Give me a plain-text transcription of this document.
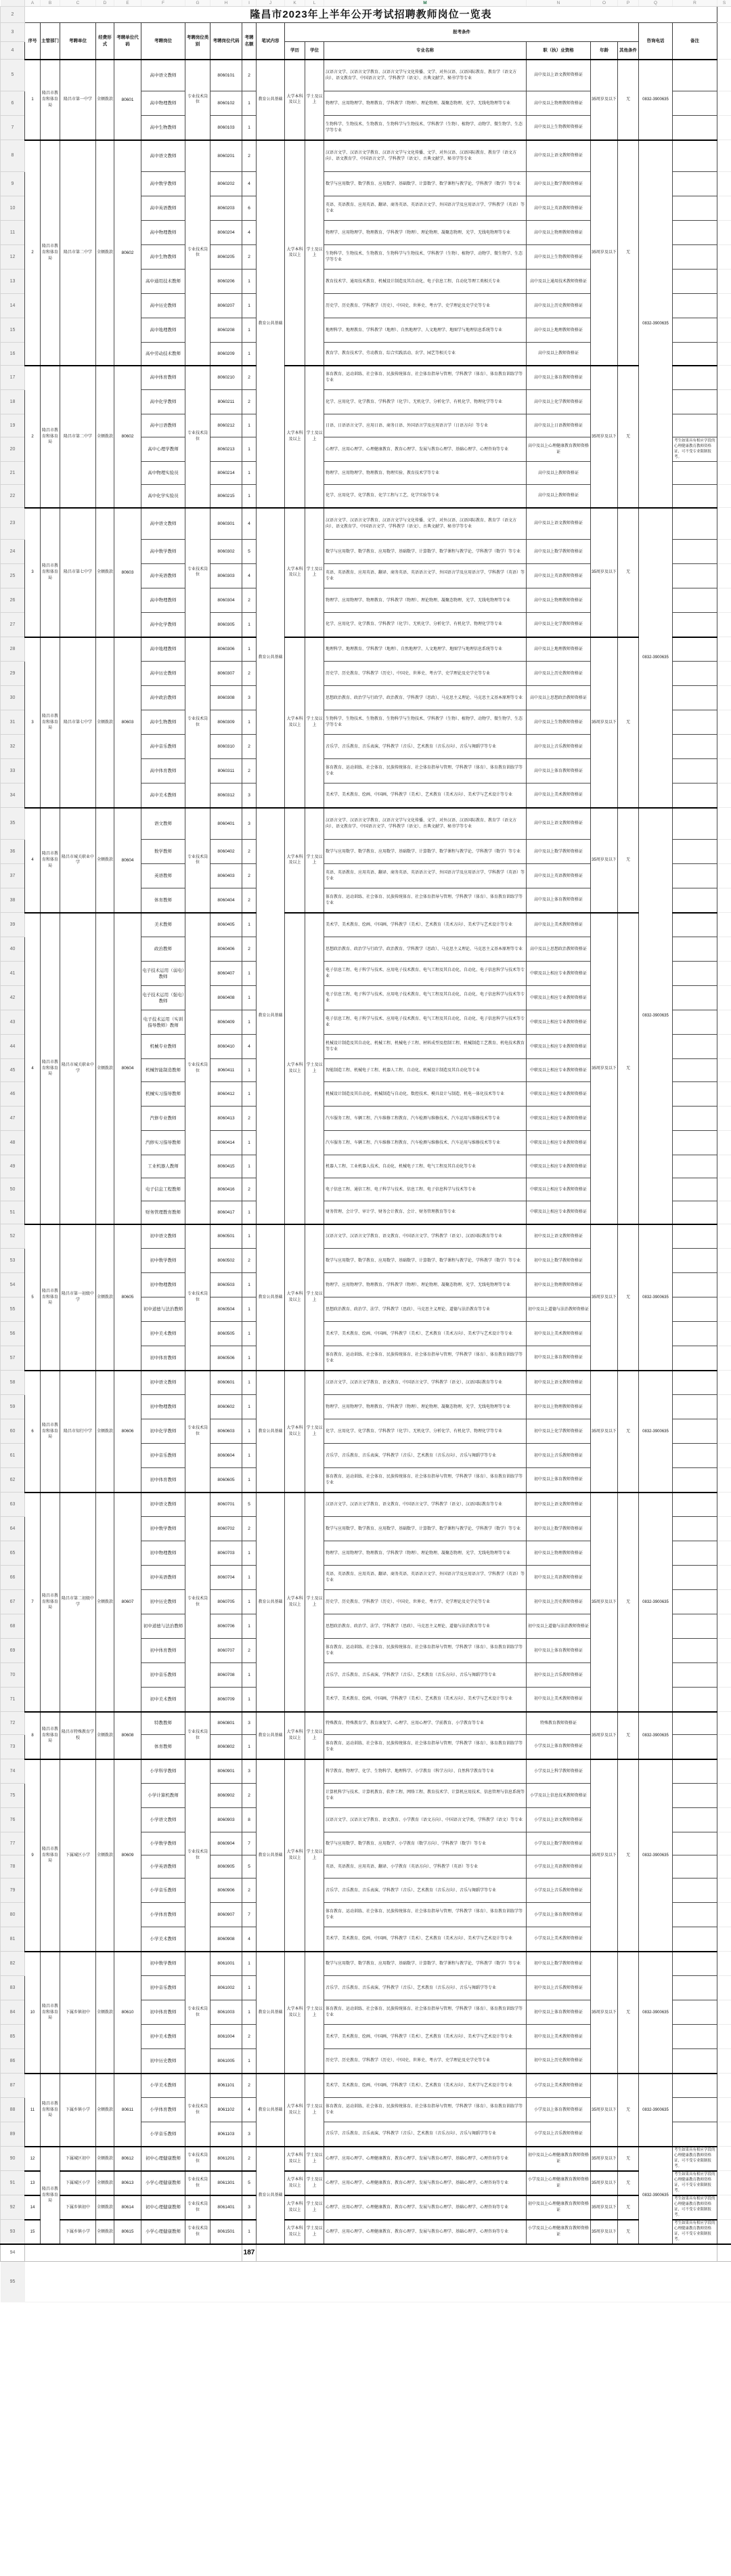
	A	B	C	D	E	F	G	H	I	J	K	L	M	N	O	P	Q	R	S
2	隆昌市2023年上半年公开考试招聘教师岗位一览表																		
3	序号	主管部门	考聘单位	经费形式	考聘单位代码	考聘岗位	考聘岗位类别	考聘岗位代码	考聘名额	笔试内容	报考条件						咨询电话	备注	
4											学历	学位	专业名称	职（执）业资格	年龄	其他条件			
5	1	隆昌市教育和体育局	隆昌市第一中学	全额拨款	80601	高中语文教师	专业技术岗位	8060101	2	教育公共基础	大学本科及以上	学士及以上	汉语言文学、汉语言文学教育、汉语言文学与文化传播、文学、对外汉语、汉语国际教育、教育学（语文方向）、语文教育学、中国语言文学、学科教学（语文）、古典文献学、秘书学等专业	高中及以上语文教师资格证	35周岁及以下	无	0832-3900635		
6						高中物理教师		8060102	1				物理学、应用物理学、物理教育、学科教学（物理）、理论物理、凝聚态物理、光学、无线电物理等专业	高中及以上物理教师资格证					
7						高中生物教师		8060103	1				生物科学、生物技术、生物教育、生物科学与生物技术、学科教学（生物）、植物学、动物学、微生物学、生态学等专业	高中及以上生物教师资格证					
8	2	隆昌市教育和体育局	隆昌市第二中学	全额拨款	80602	高中语文教师	专业技术岗位	8060201	2	教育公共基础	大学本科及以上	学士及以上	汉语言文学、汉语言文学教育、汉语言文学与文化传播、文学、对外汉语、汉语国际教育、教育学（语文方向）、语文教育学、中国语言文学、学科教学（语文）、古典文献学、秘书学等专业	高中及以上语文教师资格证	35周岁及以下	无	0832-3900635		
9						高中数学教师		8060202	4				数学与应用数学、数学教育、应用数学、基础数学、计算数学、数学课程与教学论、学科教学（数学）等专业	高中及以上数学教师资格证					
10						高中英语教师		8060203	6				英语、英语教育、应用英语、翻译、商务英语、英语语言文学、外国语言学及应用语言学、学科教学（英语）等专业	高中及以上英语教师资格证					
11						高中物理教师		8060204	4				物理学、应用物理学、物理教育、学科教学（物理）、理论物理、凝聚态物理、光学、无线电物理等专业	高中及以上物理教师资格证					
12						高中生物教师		8060205	2				生物科学、生物技术、生物教育、生物科学与生物技术、学科教学（生物）、植物学、动物学、微生物学、生态学等专业	高中及以上生物教师资格证					
13						高中通用技术教师		8060206	1				教育技术学、通用技术教育、机械设计制造及其自动化、电子信息工程、自动化等理工类相关专业	高中及以上通用技术教师资格证					
14						高中历史教师		8060207	1				历史学、历史教育、学科教学（历史）、中国史、世界史、考古学、史学理论及史学史等专业	高中及以上历史教师资格证					
15						高中地理教师		8060208	1				地理科学、地理教育、学科教学（地理）、自然地理学、人文地理学、地图学与地理信息系统等专业	高中及以上地理教师资格证					
16						高中劳动技术教师		8060209	1				教育学、教育技术学、劳动教育、综合实践活动、农学、园艺等相关专业	高中及以上教师资格证					
17	2	隆昌市教育和体育局	隆昌市第二中学	全额拨款	80602	高中体育教师	专业技术岗位	8060210	2		大学本科及以上	学士及以上	体育教育、运动训练、社会体育、民族传统体育、社会体育指导与管理、学科教学（体育）、体育教育训练学等专业	高中及以上体育教师资格证	35周岁及以下	无			
18						高中化学教师		8060211	2				化学、应用化学、化学教育、学科教学（化学）、无机化学、分析化学、有机化学、物理化学等专业	高中及以上化学教师资格证					
19						高中日语教师		8060212	1				日语、日语语言文学、应用日语、商务日语、外国语言学及应用语言学（日语方向）等专业	高中及以上日语教师资格证					
20						高中心理学教师		8060213	1				心理学、应用心理学、心理健康教育、教育心理学、发展与教育心理学、基础心理学、心理咨询等专业	高中及以上心理健康教育教师资格证				考生如果具有相应学段的心理健康教育教师资格证，可不受专业限制报考。	
21						高中物理实验员		8060214	1				物理学、应用物理学、物理教育、物理实验、教育技术学等专业	高中及以上教师资格证					
22						高中化学实验员		8060215	1				化学、应用化学、化学教育、化学工程与工艺、化学实验等专业	高中及以上教师资格证					
23	3	隆昌市教育和体育局	隆昌市第七中学	全额拨款	80603	高中语文教师	专业技术岗位	8060301	4	教育公共基础	大学本科及以上	学士及以上	汉语言文学、汉语言文学教育、汉语言文学与文化传播、文学、对外汉语、汉语国际教育、教育学（语文方向）、语文教育学、中国语言文学、学科教学（语文）、古典文献学、秘书学等专业	高中及以上语文教师资格证	35周岁及以下	无	0832-3900635		
24						高中数学教师		8060302	5				数学与应用数学、数学教育、应用数学、基础数学、计算数学、数学课程与教学论、学科教学（数学）等专业	高中及以上数学教师资格证					
25						高中英语教师		8060303	4				英语、英语教育、应用英语、翻译、商务英语、英语语言文学、外国语言学及应用语言学、学科教学（英语）等专业	高中及以上英语教师资格证					
26						高中物理教师		8060304	2				物理学、应用物理学、物理教育、学科教学（物理）、理论物理、凝聚态物理、光学、无线电物理等专业	高中及以上物理教师资格证					
27						高中化学教师		8060305	1				化学、应用化学、化学教育、学科教学（化学）、无机化学、分析化学、有机化学、物理化学等专业	高中及以上化学教师资格证					
28	3	隆昌市教育和体育局	隆昌市第七中学	全额拨款	80603	高中地理教师	专业技术岗位	8060306	1		大学本科及以上	学士及以上	地理科学、地理教育、学科教学（地理）、自然地理学、人文地理学、地图学与地理信息系统等专业	高中及以上地理教师资格证	35周岁及以下	无			
29						高中历史教师		8060307	2				历史学、历史教育、学科教学（历史）、中国史、世界史、考古学、史学理论及史学史等专业	高中及以上历史教师资格证					
30						高中政治教师		8060308	3				思想政治教育、政治学与行政学、政治教育、学科教学（思政）、马克思主义理论、马克思主义基本原理等专业	高中及以上思想政治教师资格证					
31						高中生物教师		8060309	1				生物科学、生物技术、生物教育、生物科学与生物技术、学科教学（生物）、植物学、动物学、微生物学、生态学等专业	高中及以上生物教师资格证					
32						高中音乐教师		8060310	2				音乐学、音乐教育、音乐表演、学科教学（音乐）、艺术教育（音乐方向）、音乐与舞蹈学等专业	高中及以上音乐教师资格证					
33						高中体育教师		8060311	2				体育教育、运动训练、社会体育、民族传统体育、社会体育指导与管理、学科教学（体育）、体育教育训练学等专业	高中及以上体育教师资格证					
34						高中美术教师		8060312	3				美术学、美术教育、绘画、中国画、学科教学（美术）、艺术教育（美术方向）、美术学与艺术设计等专业	高中及以上美术教师资格证					
35	4	隆昌市教育和体育局	隆昌市城关职业中学	全额拨款	80604	语文教师	专业技术岗位	8060401	3	教育公共基础	大学本科及以上	学士及以上	汉语言文学、汉语言文学教育、汉语言文学与文化传播、文学、对外汉语、汉语国际教育、教育学（语文方向）、语文教育学、中国语言文学、学科教学（语文）、古典文献学、秘书学等专业	高中及以上语文教师资格证	35周岁及以下	无	0832-3900635		
36						数学教师		8060402	2				数学与应用数学、数学教育、应用数学、基础数学、计算数学、数学课程与教学论、学科教学（数学）等专业	高中及以上数学教师资格证					
37						英语教师		8060403	2				英语、英语教育、应用英语、翻译、商务英语、英语语言文学、外国语言学及应用语言学、学科教学（英语）等专业	高中及以上英语教师资格证					
38						体育教师		8060404	2				体育教育、运动训练、社会体育、民族传统体育、社会体育指导与管理、学科教学（体育）、体育教育训练学等专业	高中及以上体育教师资格证					
39	4	隆昌市教育和体育局	隆昌市城关职业中学	全额拨款	80604	美术教师	专业技术岗位	8060405	1		大学本科及以上	学士及以上	美术学、美术教育、绘画、中国画、学科教学（美术）、艺术教育（美术方向）、美术学与艺术设计等专业	高中及以上美术教师资格证	35周岁及以下	无			
40						政治教师		8060406	2				思想政治教育、政治学与行政学、政治教育、学科教学（思政）、马克思主义理论、马克思主义基本原理等专业	高中及以上思想政治教师资格证					
41						电子技术运用（弱电）教师		8060407	1				电子信息工程、电子科学与技术、应用电子技术教育、电气工程及其自动化、自动化、电子信息科学与技术等专业	中职及以上相应专业教师资格证					
42						电子技术运用（强电）教师		8060408	1				电子信息工程、电子科学与技术、应用电子技术教育、电气工程及其自动化、自动化、电子信息科学与技术等专业	中职及以上相应专业教师资格证					
43						电子技术运用（实训指导教师）教师		8060409	1				电子信息工程、电子科学与技术、应用电子技术教育、电气工程及其自动化、自动化、电子信息科学与技术等专业	中职及以上相应专业教师资格证					
44						机械专业教师		8060410	4				机械设计制造及其自动化、机械工程、机械电子工程、材料成型及控制工程、机械制造工艺教育、机电技术教育等专业	中职及以上相应专业教师资格证					
45						机械智能制造教师		8060411	1				智能制造工程、机械电子工程、机器人工程、自动化、机械设计制造及其自动化等专业	中职及以上相应专业教师资格证					
46						机械实习指导教师		8060412	1				机械设计制造及其自动化、机械制造与自动化、数控技术、模具设计与制造、机电一体化技术等专业	中职及以上相应专业教师资格证					
47						汽修专业教师		8060413	2				汽车服务工程、车辆工程、汽车维修工程教育、汽车检测与维修技术、汽车运用与维修技术等专业	中职及以上相应专业教师资格证					
48						汽修实习指导教师		8060414	1				汽车服务工程、车辆工程、汽车维修工程教育、汽车检测与维修技术、汽车运用与维修技术等专业	中职及以上相应专业教师资格证					
49						工业机器人教师		8060415	1				机器人工程、工业机器人技术、自动化、机械电子工程、电气工程及其自动化等专业	中职及以上相应专业教师资格证					
50						电子信息工程教师		8060416	2				电子信息工程、通信工程、电子科学与技术、信息工程、电子信息科学与技术等专业	中职及以上相应专业教师资格证					
51						财务管理教育教师		8060417	1				财务管理、会计学、审计学、财务会计教育、会计、财务管理教育等专业	中职及以上相应专业教师资格证					
52	5	隆昌市教育和体育局	隆昌市第一初级中学	全额拨款	80605	初中语文教师	专业技术岗位	8060501	1	教育公共基础	大学本科及以上	学士及以上	汉语言文学、汉语言文学教育、语文教育、中国语言文学、学科教学（语文）、汉语国际教育等专业	初中及以上语文教师资格证	35周岁及以下	无	0832-3900635		
53						初中数学教师		8060502	2				数学与应用数学、数学教育、应用数学、基础数学、计算数学、数学课程与教学论、学科教学（数学）等专业	初中及以上数学教师资格证					
54						初中物理教师		8060503	1				物理学、应用物理学、物理教育、学科教学（物理）、理论物理、凝聚态物理、光学、无线电物理等专业	初中及以上物理教师资格证					
55						初中道德与法治教师		8060504	1				思想政治教育、政治学、法学、学科教学（思政）、马克思主义理论、道德与法治教育等专业	初中及以上道德与法治教师资格证					
56						初中美术教师		8060505	1				美术学、美术教育、绘画、中国画、学科教学（美术）、艺术教育（美术方向）、美术学与艺术设计等专业	初中及以上美术教师资格证					
57						初中体育教师		8060506	1				体育教育、运动训练、社会体育、民族传统体育、社会体育指导与管理、学科教学（体育）、体育教育训练学等专业	初中及以上体育教师资格证					
58	6	隆昌市教育和体育局	隆昌市知行中学	全额拨款	80606	初中语文教师	专业技术岗位	8060601	1	教育公共基础	大学本科及以上	学士及以上	汉语言文学、汉语言文学教育、语文教育、中国语言文学、学科教学（语文）、汉语国际教育等专业	初中及以上语文教师资格证	35周岁及以下	无	0832-3900635		
59						初中物理教师		8060602	1				物理学、应用物理学、物理教育、学科教学（物理）、理论物理、凝聚态物理、光学、无线电物理等专业	初中及以上物理教师资格证					
60						初中化学教师		8060603	1				化学、应用化学、化学教育、学科教学（化学）、无机化学、分析化学、有机化学、物理化学等专业	初中及以上化学教师资格证					
61						初中音乐教师		8060604	1				音乐学、音乐教育、音乐表演、学科教学（音乐）、艺术教育（音乐方向）、音乐与舞蹈学等专业	初中及以上音乐教师资格证					
62						初中体育教师		8060605	1				体育教育、运动训练、社会体育、民族传统体育、社会体育指导与管理、学科教学（体育）、体育教育训练学等专业	初中及以上体育教师资格证					
63	7	隆昌市教育和体育局	隆昌市第二初级中学	全额拨款	80607	初中语文教师	专业技术岗位	8060701	5	教育公共基础	大学本科及以上	学士及以上	汉语言文学、汉语言文学教育、语文教育、中国语言文学、学科教学（语文）、汉语国际教育等专业	初中及以上语文教师资格证	35周岁及以下	无	0832-3900635		
64						初中数学教师		8060702	2				数学与应用数学、数学教育、应用数学、基础数学、计算数学、数学课程与教学论、学科教学（数学）等专业	初中及以上数学教师资格证					
65						初中物理教师		8060703	1				物理学、应用物理学、物理教育、学科教学（物理）、理论物理、凝聚态物理、光学、无线电物理等专业	初中及以上物理教师资格证					
66						初中英语教师		8060704	1				英语、英语教育、应用英语、翻译、商务英语、英语语言文学、外国语言学及应用语言学、学科教学（英语）等专业	初中及以上英语教师资格证					
67						初中历史教师		8060705	1				历史学、历史教育、学科教学（历史）、中国史、世界史、考古学、史学理论及史学史等专业	初中及以上历史教师资格证					
68						初中道德与法治教师		8060706	1				思想政治教育、政治学、法学、学科教学（思政）、马克思主义理论、道德与法治教育等专业	初中及以上道德与法治教师资格证					
69						初中体育教师		8060707	2				体育教育、运动训练、社会体育、民族传统体育、社会体育指导与管理、学科教学（体育）、体育教育训练学等专业	初中及以上体育教师资格证					
70						初中音乐教师		8060708	1				音乐学、音乐教育、音乐表演、学科教学（音乐）、艺术教育（音乐方向）、音乐与舞蹈学等专业	初中及以上音乐教师资格证					
71						初中美术教师		8060709	1				美术学、美术教育、绘画、中国画、学科教学（美术）、艺术教育（美术方向）、美术学与艺术设计等专业	初中及以上美术教师资格证					
72	8	隆昌市教育和体育局	隆昌市特殊教育学校	全额拨款	80608	特教教师	专业技术岗位	8060801	3	教育公共基础	大学本科及以上	学士及以上	特殊教育、特殊教育学、教育康复学、心理学、应用心理学、学前教育、小学教育等专业	特殊教育教师资格证	35周岁及以下	无	0832-3900635		
73						体育教师		8060802	1				体育教育、运动训练、社会体育、民族传统体育、社会体育指导与管理、学科教学（体育）、体育教育训练学等专业	小学及以上体育教师资格证					
74	9	隆昌市教育和体育局	下属城区小学	全额拨款	80609	小学科学教师	专业技术岗位	8060901	3	教育公共基础	大学本科及以上	学士及以上	科学教育、物理学、化学、生物科学、地理科学、小学教育（科学方向）、自然科学教育等专业	小学及以上科学教师资格证	35周岁及以下	无	0832-3900635		
75						小学计算机教师		8060902	2				计算机科学与技术、计算机教育、软件工程、网络工程、教育技术学、计算机应用技术、信息管理与信息系统等专业	小学及以上信息技术教师资格证					
76						小学语文教师		8060903	8				汉语言文学、汉语言文学教育、语文教育、小学教育（语文方向）、中国语言文学类、学科教学（语文）等专业	小学及以上语文教师资格证					
77						小学数学教师		8060904	7				数学与应用数学、数学教育、应用数学、小学教育（数学方向）、学科教学（数学）等专业	小学及以上数学教师资格证					
78						小学英语教师		8060905	5				英语、英语教育、应用英语、翻译、小学教育（英语方向）、学科教学（英语）等专业	小学及以上英语教师资格证					
79						小学音乐教师		8060906	2				音乐学、音乐教育、音乐表演、学科教学（音乐）、艺术教育（音乐方向）、音乐与舞蹈学等专业	小学及以上音乐教师资格证					
80						小学体育教师		8060907	7				体育教育、运动训练、社会体育、民族传统体育、社会体育指导与管理、学科教学（体育）、体育教育训练学等专业	小学及以上体育教师资格证					
81						小学美术教师		8060908	4				美术学、美术教育、绘画、中国画、学科教学（美术）、艺术教育（美术方向）、美术学与艺术设计等专业	小学及以上美术教师资格证					
82	10	隆昌市教育和体育局	下属乡镇初中	全额拨款	80610	初中数学教师	专业技术岗位	8061001	1	教育公共基础	大学本科及以上	学士及以上	数学与应用数学、数学教育、应用数学、基础数学、计算数学、数学课程与教学论、学科教学（数学）等专业	初中及以上数学教师资格证	35周岁及以下	无	0832-3900635		
83						初中音乐教师		8061002	1				音乐学、音乐教育、音乐表演、学科教学（音乐）、艺术教育（音乐方向）、音乐与舞蹈学等专业	初中及以上音乐教师资格证					
84						初中体育教师		8061003	1				体育教育、运动训练、社会体育、民族传统体育、社会体育指导与管理、学科教学（体育）、体育教育训练学等专业	初中及以上体育教师资格证					
85						初中美术教师		8061004	2				美术学、美术教育、绘画、中国画、学科教学（美术）、艺术教育（美术方向）、美术学与艺术设计等专业	初中及以上美术教师资格证					
86						初中历史教师		8061005	1				历史学、历史教育、学科教学（历史）、中国史、世界史、考古学、史学理论及史学史等专业	初中及以上历史教师资格证					
87	11	隆昌市教育和体育局	下属乡镇小学	全额拨款	80611	小学美术教师	专业技术岗位	8061101	2	教育公共基础	大学本科及以上	学士及以上	美术学、美术教育、绘画、中国画、学科教学（美术）、艺术教育（美术方向）、美术学与艺术设计等专业	小学及以上美术教师资格证	35周岁及以下	无	0832-3900635		
88						小学体育教师		8061102	4				体育教育、运动训练、社会体育、民族传统体育、社会体育指导与管理、学科教学（体育）、体育教育训练学等专业	小学及以上体育教师资格证					
89						小学音乐教师		8061103	3				音乐学、音乐教育、音乐表演、学科教学（音乐）、艺术教育（音乐方向）、音乐与舞蹈学等专业	小学及以上音乐教师资格证					
90	12	隆昌市教育和体育局	下属城区初中	全额拨款	80612	初中心理健康教师	专业技术岗位	8061201	2	教育公共基础	大学本科及以上	学士及以上	心理学、应用心理学、心理健康教育、教育心理学、发展与教育心理学、基础心理学、心理咨询等专业	初中及以上心理健康教育教师资格证	35周岁及以下	无	0832-3900635	考生如果具有相应学段的心理健康教育教师资格证，可不受专业限制报考。	
91	13		下属城区小学	全额拨款	80613	小学心理健康教师	专业技术岗位	8061301	5		大学本科及以上	学士及以上	心理学、应用心理学、心理健康教育、教育心理学、发展与教育心理学、基础心理学、心理咨询等专业	小学及以上心理健康教育教师资格证	35周岁及以下	无		考生如果具有相应学段的心理健康教育教师资格证，可不受专业限制报考。	
92	14		下属乡镇初中	全额拨款	80614	初中心理健康教师	专业技术岗位	8061401	3		大学本科及以上	学士及以上	心理学、应用心理学、心理健康教育、教育心理学、发展与教育心理学、基础心理学、心理咨询等专业	初中及以上心理健康教育教师资格证	35周岁及以下	无		考生如果具有相应学段的心理健康教育教师资格证，可不受专业限制报考。	
93	15		下属乡镇小学	全额拨款	80615	小学心理健康教师	专业技术岗位	8061501	1		大学本科及以上	学士及以上	心理学、应用心理学、心理健康教育、教育心理学、发展与教育心理学、基础心理学、心理咨询等专业	小学及以上心理健康教育教师资格证	35周岁及以下	无		考生如果具有相应学段的心理健康教育教师资格证，可不受专业限制报考。	
94									187										
95																			
